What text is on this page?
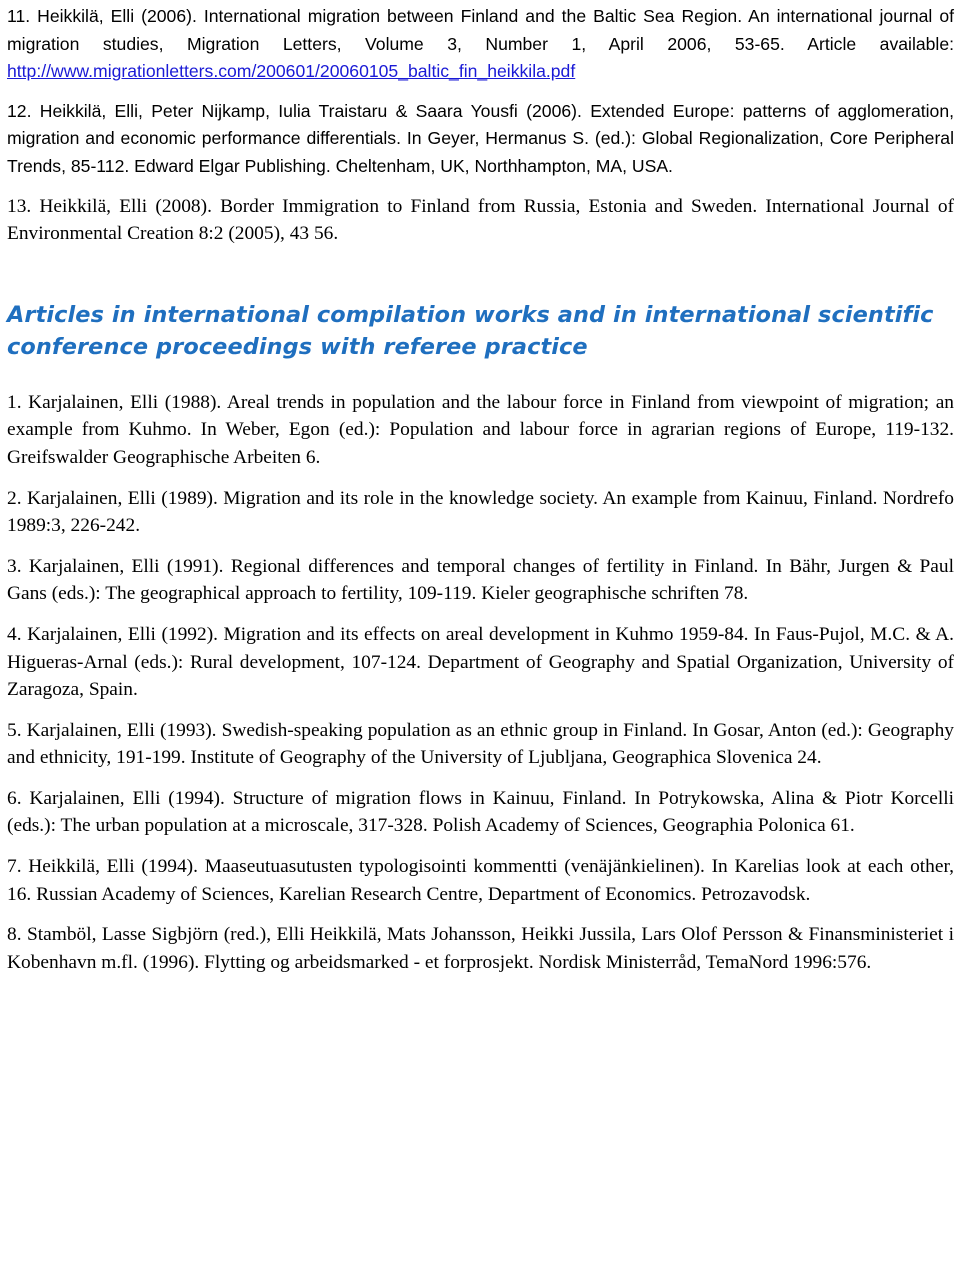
11. Heikkilä, Elli (2006). International migration between Finland and the Baltic Sea Region. An international journal of migration studies, Migration Letters, Volume 3, Number 1, April 2006, 53-65. Article available: http://www.migrationletters.com/200601/20060105_baltic_fin_heikkila.pdf

12. Heikkilä, Elli, Peter Nijkamp, Iulia Traistaru & Saara Yousfi (2006). Extended Europe: patterns of agglomeration, migration and economic performance differentials. In Geyer, Hermanus S. (ed.): Global Regionalization, Core Peripheral Trends, 85-112. Edward Elgar Publishing. Cheltenham, UK, Northhampton, MA, USA.

13. Heikkilä, Elli (2008). Border Immigration to Finland from Russia, Estonia and Sweden. International Journal of Environmental Creation 8:2 (2005), 43 56.

Articles in international compilation works and in international scientific conference proceedings with referee practice

1. Karjalainen, Elli (1988). Areal trends in population and the labour force in Finland from viewpoint of migration; an example from Kuhmo. In Weber, Egon (ed.): Population and labour force in agrarian regions of Europe, 119-132. Greifswalder Geographische Arbeiten 6.

2. Karjalainen, Elli (1989). Migration and its role in the knowledge society. An example from Kainuu, Finland. Nordrefo 1989:3, 226-242.

3. Karjalainen, Elli (1991). Regional differences and temporal changes of fertility in Finland. In Bähr, Jurgen & Paul Gans (eds.): The geographical approach to fertility, 109-119. Kieler geographische schriften 78.

4. Karjalainen, Elli (1992). Migration and its effects on areal development in Kuhmo 1959-84. In Faus-Pujol, M.C. & A. Higueras-Arnal (eds.): Rural development, 107-124. Department of Geography and Spatial Organization, University of Zaragoza, Spain.

5. Karjalainen, Elli (1993). Swedish-speaking population as an ethnic group in Finland. In Gosar, Anton (ed.): Geography and ethnicity, 191-199. Institute of Geography of the University of Ljubljana, Geographica Slovenica 24.

6. Karjalainen, Elli (1994). Structure of migration flows in Kainuu, Finland. In Potrykowska, Alina & Piotr Korcelli (eds.): The urban population at a microscale, 317-328. Polish Academy of Sciences, Geographia Polonica 61.

7. Heikkilä, Elli (1994). Maaseutuasutusten typologisointi kommentti (venäjänkielinen). In Karelias look at each other, 16. Russian Academy of Sciences, Karelian Research Centre, Department of Economics. Petrozavodsk.

8. Stamböl, Lasse Sigbjörn (red.), Elli Heikkilä, Mats Johansson, Heikki Jussila, Lars Olof Persson & Finansministeriet i Kobenhavn m.fl. (1996). Flytting og arbeidsmarked - et forprosjekt. Nordisk Ministerråd, TemaNord 1996:576.
